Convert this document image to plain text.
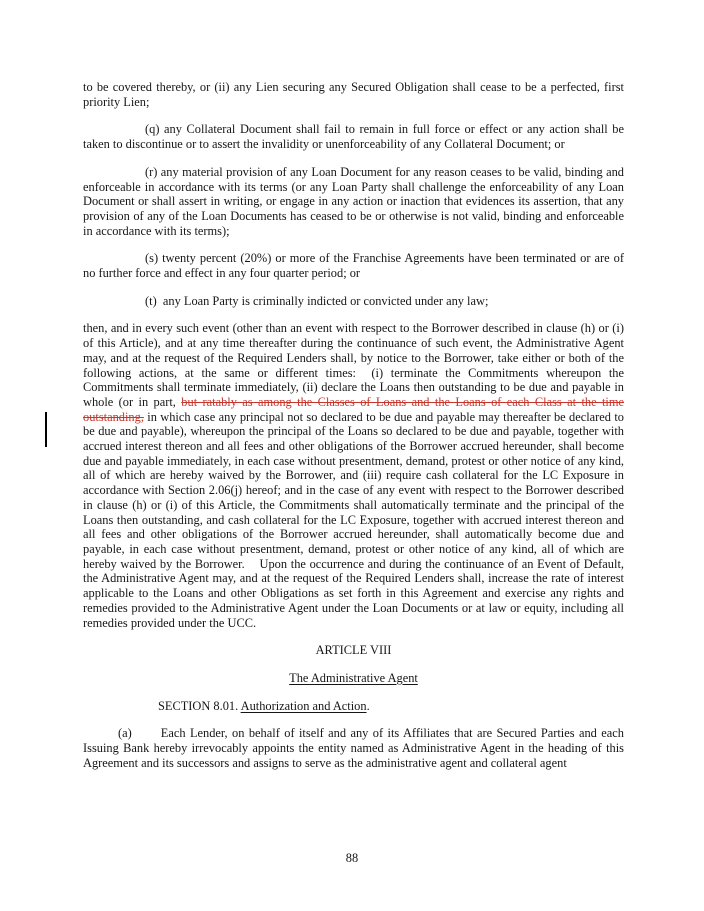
to be covered thereby, or (ii) any Lien securing any Secured Obligation shall cease to be a perfected, first priority Lien;

(q) any Collateral Document shall fail to remain in full force or effect or any action shall be taken to discontinue or to assert the invalidity or unenforceability of any Collateral Document; or

(r) any material provision of any Loan Document for any reason ceases to be valid, binding and enforceable in accordance with its terms (or any Loan Party shall challenge the enforceability of any Loan Document or shall assert in writing, or engage in any action or inaction that evidences its assertion, that any provision of any of the Loan Documents has ceased to be or otherwise is not valid, binding and enforceable in accordance with its terms);

(s) twenty percent (20%) or more of the Franchise Agreements have been terminated or are of no further force and effect in any four quarter period; or

(t)  any Loan Party is criminally indicted or convicted under any law;

then, and in every such event (other than an event with respect to the Borrower described in clause (h) or (i) of this Article), and at any time thereafter during the continuance of such event, the Administrative Agent may, and at the request of the Required Lenders shall, by notice to the Borrower, take either or both of the following actions, at the same or different times:  (i) terminate the Commitments whereupon the Commitments shall terminate immediately, (ii) declare the Loans then outstanding to be due and payable in whole (or in part, but ratably as among the Classes of Loans and the Loans of each Class at the time outstanding, in which case any principal not so declared to be due and payable may thereafter be declared to be due and payable), whereupon the principal of the Loans so declared to be due and payable, together with accrued interest thereon and all fees and other obligations of the Borrower accrued hereunder, shall become due and payable immediately, in each case without presentment, demand, protest or other notice of any kind, all of which are hereby waived by the Borrower, and (iii) require cash collateral for the LC Exposure in accordance with Section 2.06(j) hereof; and in the case of any event with respect to the Borrower described in clause (h) or (i) of this Article, the Commitments shall automatically terminate and the principal of the Loans then outstanding, and cash collateral for the LC Exposure, together with accrued interest thereon and all fees and other obligations of the Borrower accrued hereunder, shall automatically become due and payable, in each case without presentment, demand, protest or other notice of any kind, all of which are hereby waived by the Borrower.    Upon the occurrence and during the continuance of an Event of Default, the Administrative Agent may, and at the request of the Required Lenders shall, increase the rate of interest applicable to the Loans and other Obligations as set forth in this Agreement and exercise any rights and remedies provided to the Administrative Agent under the Loan Documents or at law or equity, including all remedies provided under the UCC.

ARTICLE VIII

The Administrative Agent

SECTION 8.01. Authorization and Action.

(a) Each Lender, on behalf of itself and any of its Affiliates that are Secured Parties and each Issuing Bank hereby irrevocably appoints the entity named as Administrative Agent in the heading of this Agreement and its successors and assigns to serve as the administrative agent and collateral agent

88
